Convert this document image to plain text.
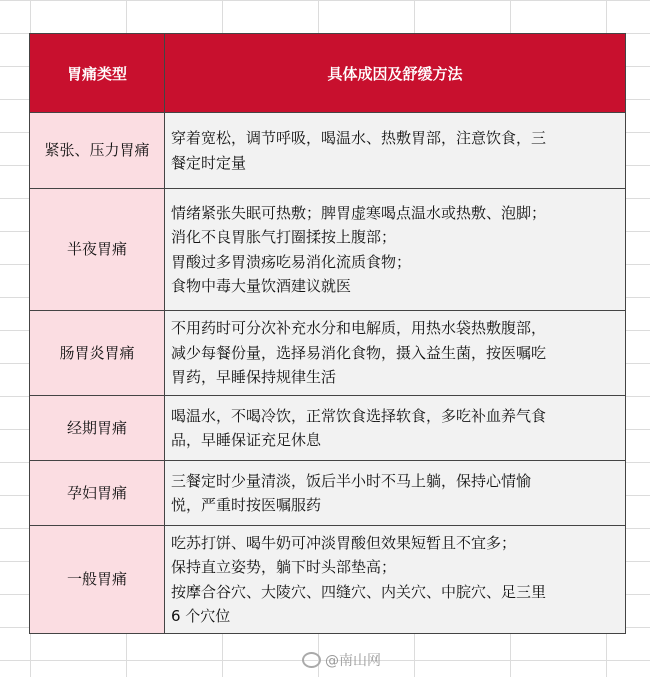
胃痛类型	具体成因及舒缓方法
紧张、压力胃痛	穿着宽松，调节呼吸，喝温水、热敷胃部，注意饮食，三
餐定时定量

半夜胃痛	情绪紧张失眠可热敷；脾胃虚寒喝点温水或热敷、泡脚；
消化不良胃胀气打圈揉按上腹部；
胃酸过多胃溃疡吃易消化流质食物；
食物中毒大量饮酒建议就医

肠胃炎胃痛	不用药时可分次补充水分和电解质，用热水袋热敷腹部，
减少每餐份量，选择易消化食物，摄入益生菌，按医嘱吃
胃药，早睡保持规律生活

经期胃痛	喝温水，不喝冷饮，正常饮食选择软食，多吃补血养气食
品，早睡保证充足休息

孕妇胃痛	三餐定时少量清淡，饭后半小时不马上躺，保持心情愉
悦，严重时按医嘱服药

一般胃痛	吃苏打饼、喝牛奶可冲淡胃酸但效果短暂且不宜多；
保持直立姿势，躺下时头部垫高；
按摩合谷穴、大陵穴、四缝穴、内关穴、中脘穴、足三里
6 个穴位
@南山网
